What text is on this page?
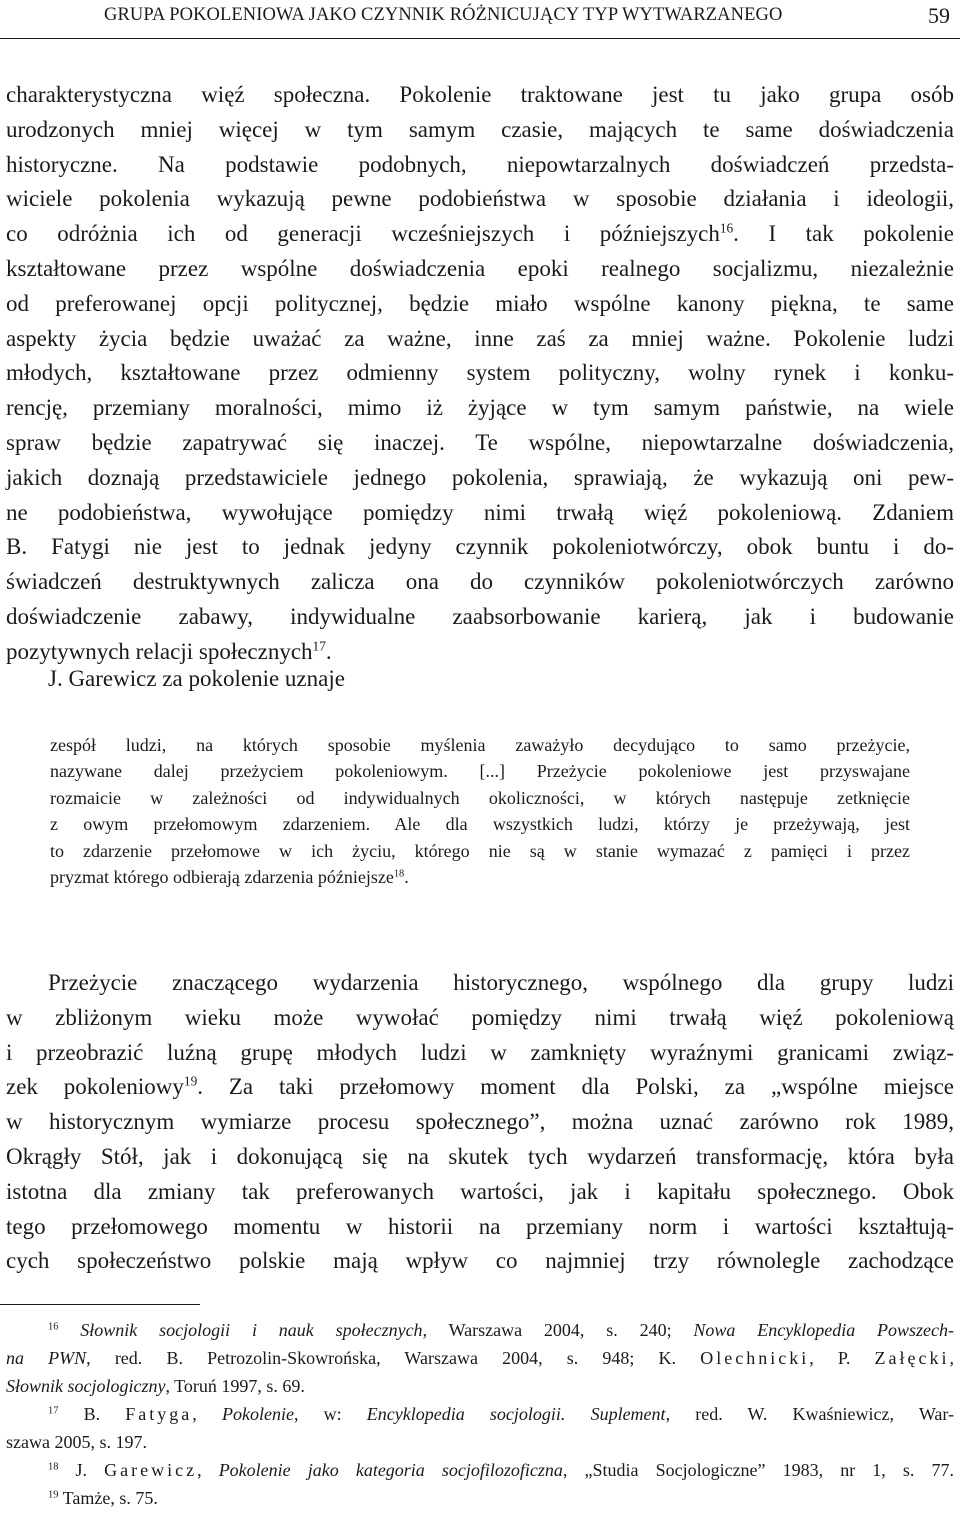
GRUPA POKOLENIOWA JAKO CZYNNIK RÓŻNICUJĄCY TYP WYTWARZANEGO	59
charakterystyczna więź społeczna. Pokolenie traktowane jest tu jako grupa osób
urodzonych mniej więcej w tym samym czasie, mających te same doświadczenia
historyczne. Na podstawie podobnych, niepowtarzalnych doświadczeń przedsta-
wiciele pokolenia wykazują pewne podobieństwa w sposobie działania i ideologii,
co odróżnia ich od generacji wcześniejszych i późniejszych$^{16}$. I tak pokolenie
kształtowane przez wspólne doświadczenia epoki realnego socjalizmu, niezależnie
od preferowanej opcji politycznej, będzie miało wspólne kanony piękna, te same
aspekty życia będzie uważać za ważne, inne zaś za mniej ważne. Pokolenie ludzi
młodych, kształtowane przez odmienny system polityczny, wolny rynek i konku-
rencję, przemiany moralności, mimo iż żyjące w tym samym państwie, na wiele
spraw będzie zapatrywać się inaczej. Te wspólne, niepowtarzalne doświadczenia,
jakich doznają przedstawiciele jednego pokolenia, sprawiają, że wykazują oni pew-
ne podobieństwa, wywołujące pomiędzy nimi trwałą więź pokoleniową. Zdaniem
B. Fatygi nie jest to jednak jedyny czynnik pokoleniotwórczy, obok buntu i do-
świadczeń destruktywnych zalicza ona do czynników pokoleniotwórczych zarówno
doświadczenie zabawy, indywidualne zaabsorbowanie karierą, jak i budowanie
pozytywnych relacji społecznych$^{17}$.
J. Garewicz za pokolenie uznaje
zespół ludzi, na których sposobie myślenia zaważyło decydująco to samo przeżycie,
nazywane dalej przeżyciem pokoleniowym. [...] Przeżycie pokoleniowe jest przyswajane
rozmaicie w zależności od indywidualnych okoliczności, w których następuje zetknięcie
z owym przełomowym zdarzeniem. Ale dla wszystkich ludzi, którzy je przeżywają, jest
to zdarzenie przełomowe w ich życiu, którego nie są w stanie wymazać z pamięci i przez
pryzmat którego odbierają zdarzenia późniejsze$^{18}$.
Przeżycie znaczącego wydarzenia historycznego, wspólnego dla grupy ludzi
w zbliżonym wieku może wywołać pomiędzy nimi trwałą więź pokoleniową
i przeobrazić luźną grupę młodych ludzi w zamknięty wyraźnymi granicami związ-
zek pokoleniowy$^{19}$. Za taki przełomowy moment dla Polski, za „wspólne miejsce
w historycznym wymiarze procesu społecznego”, można uznać zarówno rok 1989,
Okrągły Stół, jak i dokonującą się na skutek tych wydarzeń transformację, która była
istotna dla zmiany tak preferowanych wartości, jak i kapitału społecznego. Obok
tego przełomowego momentu w historii na przemiany norm i wartości kształtują-
cych społeczeństwo polskie mają wpływ co najmniej trzy równolegle zachodzące
$^{16}$ Słownik socjologii i nauk społecznych, Warszawa 2004, s. 240; Nowa Encyklopedia Powszech-
na PWN, red. B. Petrozolin-Skowrońska, Warszawa 2004, s. 948; K. Olechnicki, P. Załęcki,
Słownik socjologiczny, Toruń 1997, s. 69.
$^{17}$ B. Fatyga, Pokolenie, w: Encyklopedia socjologii. Suplement, red. W. Kwaśniewicz, War-
szawa 2005, s. 197.
$^{18}$ J. Garewicz, Pokolenie jako kategoria socjofilozoficzna, „Studia Socjologiczne” 1983, nr 1, s. 77.
$^{19}$ Tamże, s. 75.
